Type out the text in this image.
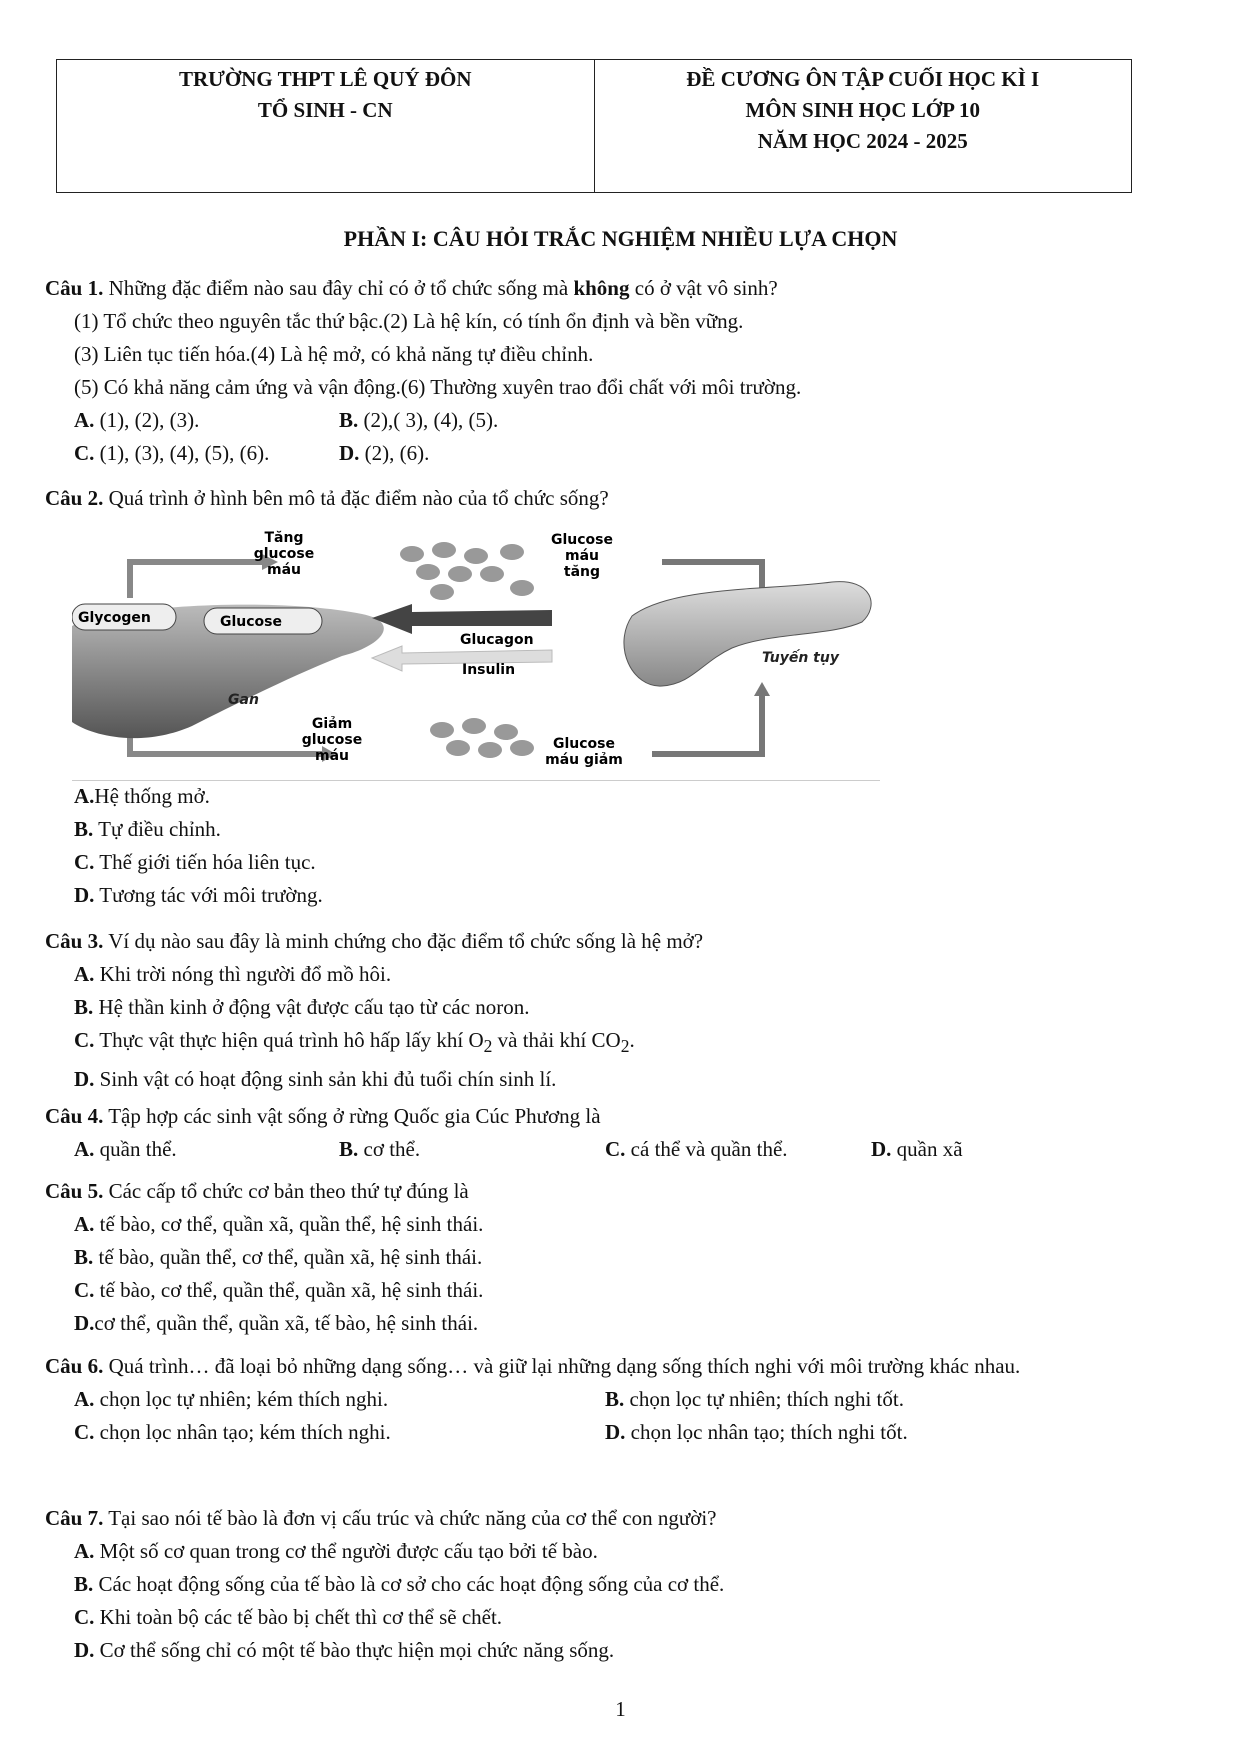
TRƯỜNG THPT LÊ QUÝ ĐÔN
TỔ SINH - CN
ĐỀ CƯƠNG ÔN TẬP CUỐI HỌC KÌ I
MÔN SINH HỌC LỚP 10
NĂM HỌC 2024 - 2025
PHẦN I: CÂU HỎI TRẮC NGHIỆM NHIỀU LỰA CHỌN
Câu 1. Những đặc điểm nào sau đây chỉ có ở tổ chức sống mà không có ở vật vô sinh?
(1) Tổ chức theo nguyên tắc thứ bậc.(2) Là hệ kín, có tính ổn định và bền vững.
(3) Liên tục tiến hóa.(4) Là hệ mở, có khả năng tự điều chỉnh.
(5) Có khả năng cảm ứng và vận động.(6) Thường xuyên trao đổi chất với môi trường.
A. (1), (2), (3).	B. (2),( 3), (4), (5).
C. (1), (3), (4), (5), (6).	D. (2), (6).
Câu 2. Quá trình ở hình bên mô tả đặc điểm nào của tổ chức sống?
Gan
Tuyến tụy
Tăng
glucose
máu
Glucose
máu
tăng
Glycogen	Glucose
Glucagon
Insulin
Giảm
glucose
máu
Glucose
máu giảm
A.Hệ thống mở.
B. Tự điều chỉnh.
C. Thế giới tiến hóa liên tục.
D. Tương tác với môi trường.
Câu 3. Ví dụ nào sau đây là minh chứng cho đặc điểm tổ chức sống là hệ mở?
A. Khi trời nóng thì người đổ mồ hôi.
B. Hệ thần kinh ở động vật được cấu tạo từ các noron.
C. Thực vật thực hiện quá trình hô hấp lấy khí $O_2$ và thải khí $CO_2$.
D. Sinh vật có hoạt động sinh sản khi đủ tuổi chín sinh lí.
Câu 4. Tập hợp các sinh vật sống ở rừng Quốc gia Cúc Phương là
A. quần thể.	B. cơ thể.	C. cá thể và quần thể.	D. quần xã
Câu 5. Các cấp tổ chức cơ bản theo thứ tự đúng là
A. tế bào, cơ thể, quần xã, quần thể, hệ sinh thái.
B. tế bào, quần thể, cơ thể, quần xã, hệ sinh thái.
C. tế bào, cơ thể, quần thể, quần xã, hệ sinh thái.
D.cơ thể, quần thể, quần xã, tế bào, hệ sinh thái.
Câu 6. Quá trình… đã loại bỏ những dạng sống… và giữ lại những dạng sống thích nghi với môi trường khác nhau.
A. chọn lọc tự nhiên; kém thích nghi.	B. chọn lọc tự nhiên; thích nghi tốt.
C. chọn lọc nhân tạo; kém thích nghi.	D. chọn lọc nhân tạo; thích nghi tốt.
Câu 7. Tại sao nói tế bào là đơn vị cấu trúc và chức năng của cơ thể con người?
A. Một số cơ quan trong cơ thể người được cấu tạo bởi tế bào.
B. Các hoạt động sống của tế bào là cơ sở cho các hoạt động sống của cơ thể.
C. Khi toàn bộ các tế bào bị chết thì cơ thể sẽ chết.
D. Cơ thể sống chỉ có một tế bào thực hiện mọi chức năng sống.
1
